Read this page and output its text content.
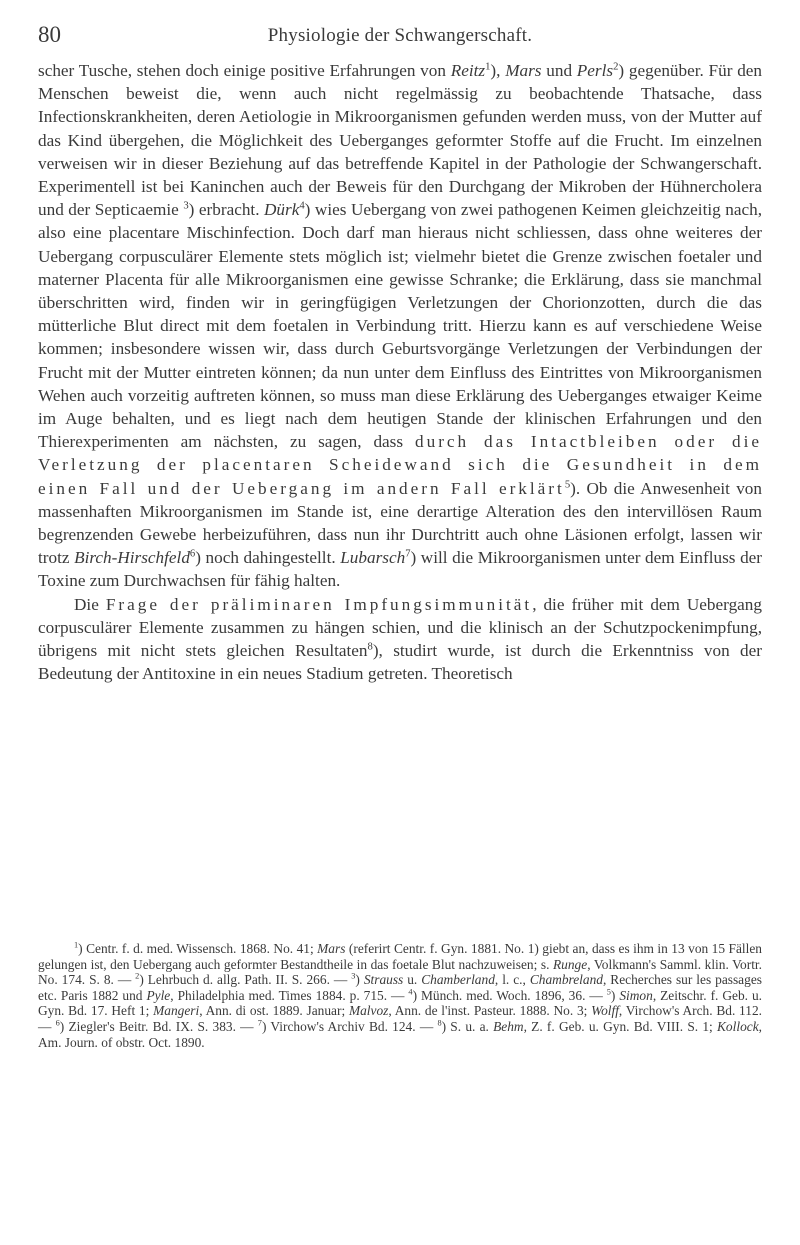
80	Physiologie der Schwangerschaft.

scher Tusche, stehen doch einige positive Erfahrungen von Reitz$^1$), Mars und Perls$^2$) gegenüber. Für den Menschen beweist die, wenn auch nicht regelmässig zu beobachtende Thatsache, dass Infectionskrankheiten, deren Aetiologie in Mikroorganismen gefunden werden muss, von der Mutter auf das Kind übergehen, die Möglichkeit des Ueberganges geformter Stoffe auf die Frucht. Im einzelnen verweisen wir in dieser Beziehung auf das betreffende Kapitel in der Pathologie der Schwangerschaft. Experimentell ist bei Kaninchen auch der Beweis für den Durchgang der Mikroben der Hühnercholera und der Septicaemie $^3$) erbracht. Dürk$^4$) wies Uebergang von zwei pathogenen Keimen gleichzeitig nach, also eine placentare Mischinfection. Doch darf man hieraus nicht schliessen, dass ohne weiteres der Uebergang corpusculärer Elemente stets möglich ist; vielmehr bietet die Grenze zwischen foetaler und materner Placenta für alle Mikroorganismen eine gewisse Schranke; die Erklärung, dass sie manchmal überschritten wird, finden wir in geringfügigen Verletzungen der Chorionzotten, durch die das mütterliche Blut direct mit dem foetalen in Verbindung tritt. Hierzu kann es auf verschiedene Weise kommen; insbesondere wissen wir, dass durch Geburtsvorgänge Verletzungen der Verbindungen der Frucht mit der Mutter eintreten können; da nun unter dem Einfluss des Eintrittes von Mikroorganismen Wehen auch vorzeitig auftreten können, so muss man diese Erklärung des Ueberganges etwaiger Keime im Auge behalten, und es liegt nach dem heutigen Stande der klinischen Erfahrungen und den Thierexperimenten am nächsten, zu sagen, dass durch das Intactbleiben oder die Verletzung der placentaren Scheidewand sich die Gesundheit in dem einen Fall und der Uebergang im andern Fall erklärt$^5$). Ob die Anwesenheit von massenhaften Mikroorganismen im Stande ist, eine derartige Alteration des den intervillösen Raum begrenzenden Gewebe herbeizuführen, dass nun ihr Durchtritt auch ohne Läsionen erfolgt, lassen wir trotz Birch-Hirschfeld$^6$) noch dahingestellt. Lubarsch$^7$) will die Mikroorganismen unter dem Einfluss der Toxine zum Durchwachsen für fähig halten.

Die Frage der präliminaren Impfungsimmunität, die früher mit dem Uebergang corpusculärer Elemente zusammen zu hängen schien, und die klinisch an der Schutzpockenimpfung, übrigens mit nicht stets gleichen Resultaten$^8$), studirt wurde, ist durch die Erkenntniss von der Bedeutung der Antitoxine in ein neues Stadium getreten. Theoretisch

$^1$) Centr. f. d. med. Wissensch. 1868. No. 41; Mars (referirt Centr. f. Gyn. 1881. No. 1) giebt an, dass es ihm in 13 von 15 Fällen gelungen ist, den Uebergang auch geformter Bestandtheile in das foetale Blut nachzuweisen; s. Runge, Volkmann's Samml. klin. Vortr. No. 174. S. 8. — $^2$) Lehrbuch d. allg. Path. II. S. 266. — $^3$) Strauss u. Chamberland, l. c., Chambreland, Recherches sur les passages etc. Paris 1882 und Pyle, Philadelphia med. Times 1884. p. 715. — $^4$) Münch. med. Woch. 1896, 36. — $^5$) Simon, Zeitschr. f. Geb. u. Gyn. Bd. 17. Heft 1; Mangeri, Ann. di ost. 1889. Januar; Malvoz, Ann. de l'inst. Pasteur. 1888. No. 3; Wolff, Virchow's Arch. Bd. 112. — $^6$) Ziegler's Beitr. Bd. IX. S. 383. — $^7$) Virchow's Archiv Bd. 124. — $^8$) S. u. a. Behm, Z. f. Geb. u. Gyn. Bd. VIII. S. 1; Kollock, Am. Journ. of obstr. Oct. 1890.
